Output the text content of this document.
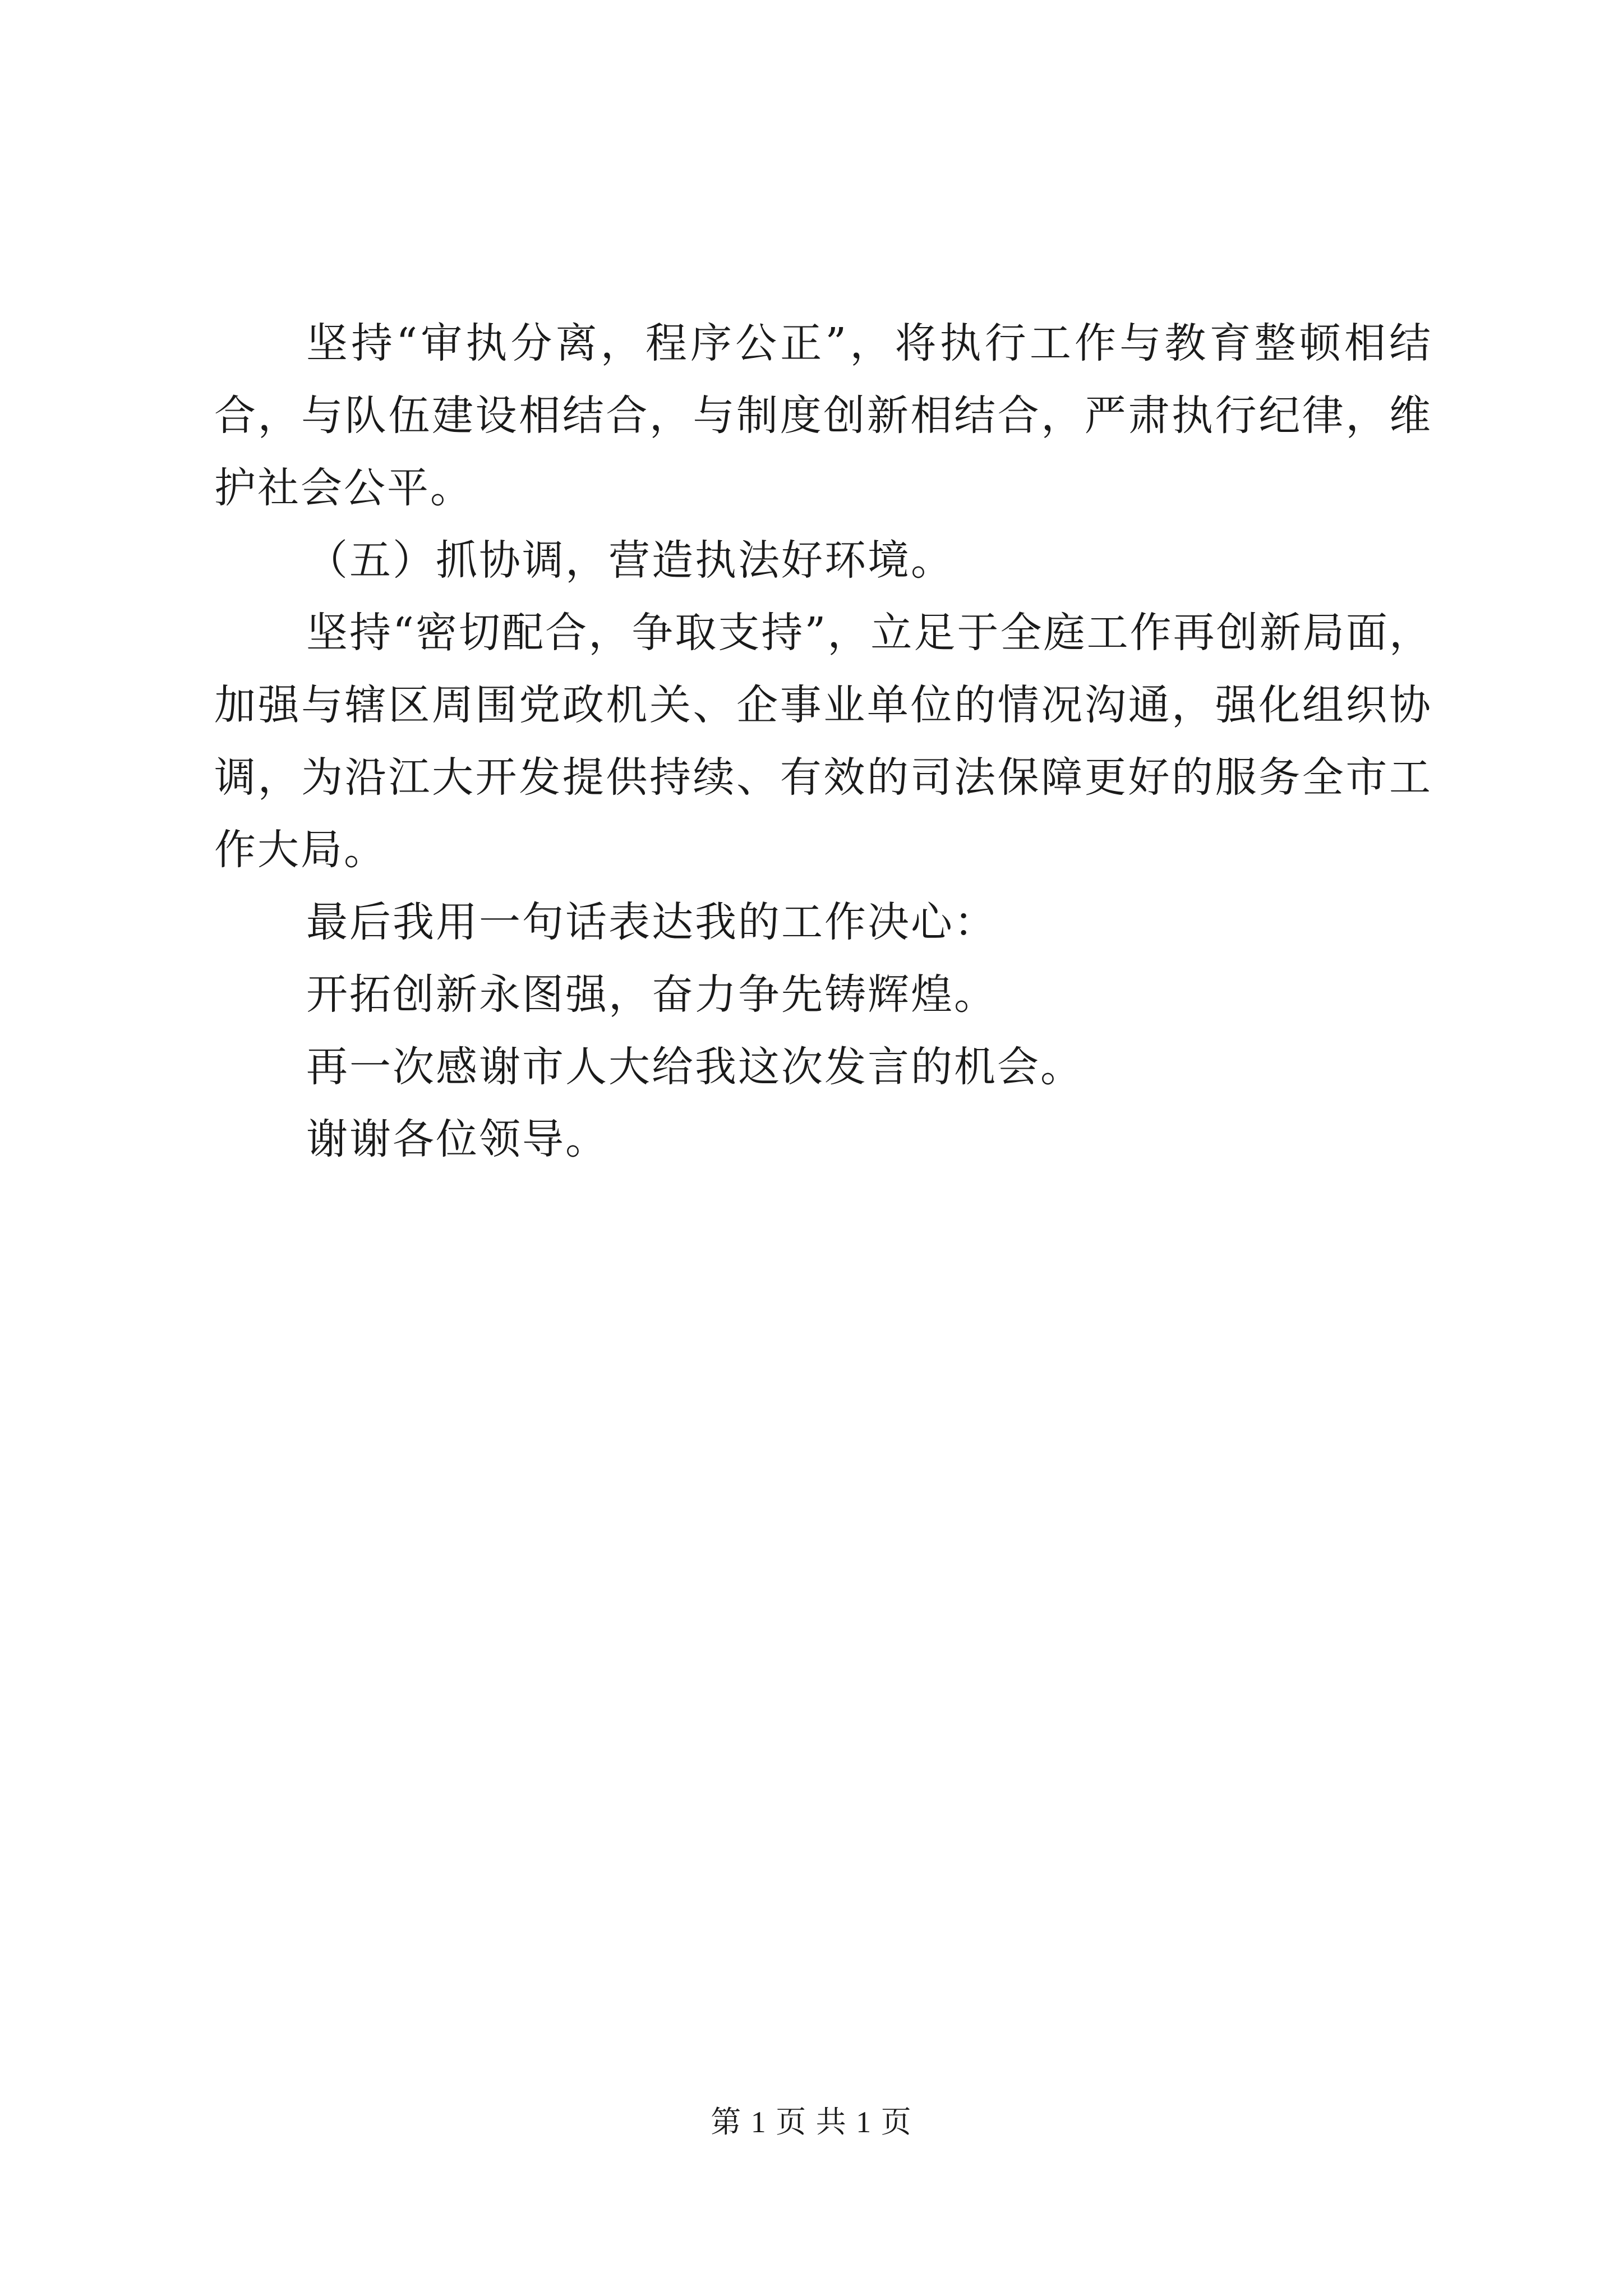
坚持“审执分离，程序公正”，将执行工作与教育整顿相结合，与队伍建设相结合，与制度创新相结合，严肃执行纪律，维护社会公平。

（五）抓协调，营造执法好环境。

坚持“密切配合，争取支持”，立足于全庭工作再创新局面，加强与辖区周围党政机关、企事业单位的情况沟通，强化组织协调，为沿江大开发提供持续、有效的司法保障更好的服务全市工作大局。

最后我用一句话表达我的工作决心：

开拓创新永图强，奋力争先铸辉煌。

再一次感谢市人大给我这次发言的机会。

谢谢各位领导。

第 1 页 共 1 页
